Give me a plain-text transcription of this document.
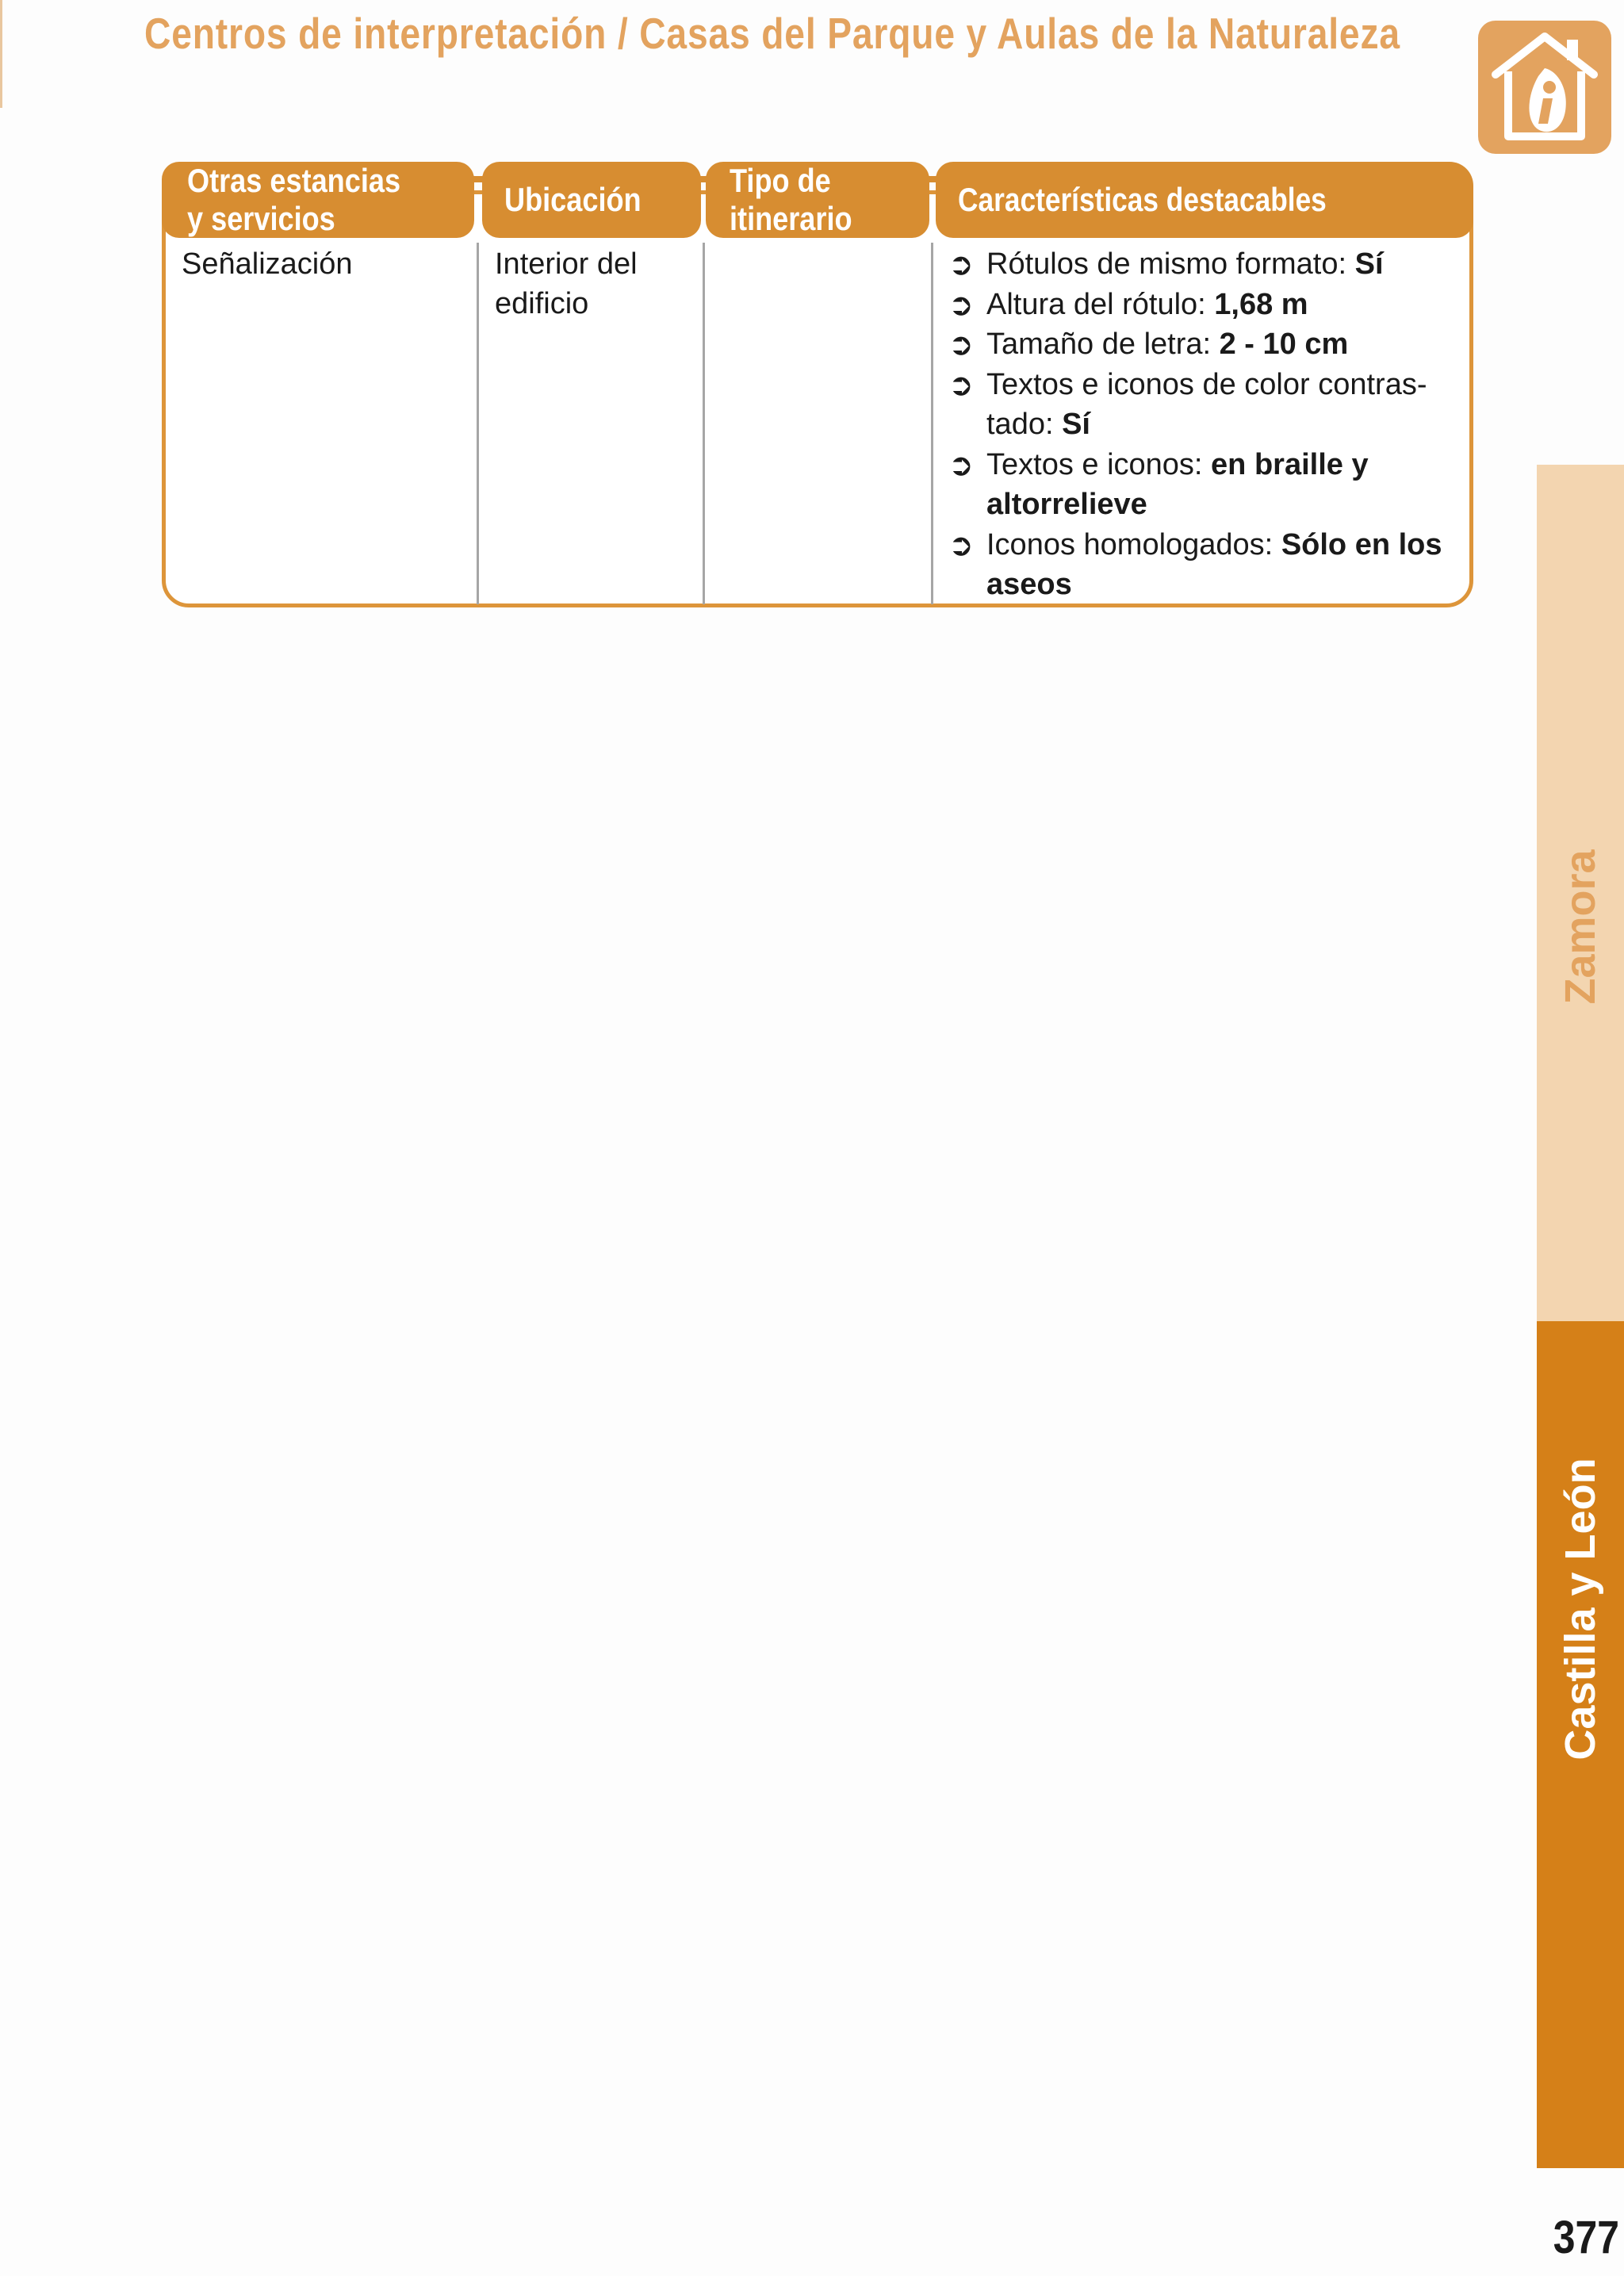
Centros de interpretación / Casas del Parque y Aulas de la Naturaleza
Otras estancias
y servicios
Ubicación
Tipo de
itinerario
Características destacables
Señalización	Interior del edificio
➲ Rótulos de mismo formato: Sí
➲ Altura del rótulo: 1,68 m
➲ Tamaño de letra: 2 - 10 cm
➲ Textos e iconos de color contras-tado: Sí
➲ Textos e iconos: en braille y altorrelieve
➲ Iconos homologados: Sólo en los aseos
Zamora
Castilla y León
377
